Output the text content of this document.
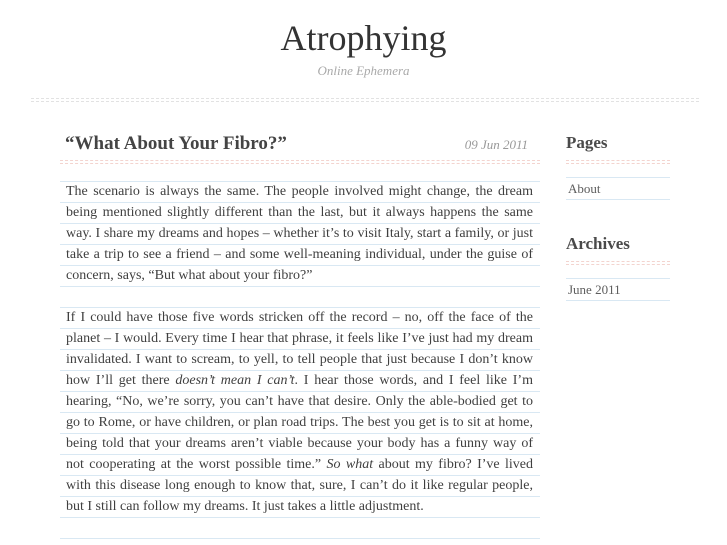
Atrophying

Online Ephemera

“What About Your Fibro?”	09 Jun 2011

The scenario is always the same. The people involved might change, the dream being mentioned slightly different than the last, but it always happens the same way. I share my dreams and hopes – whether it’s to visit Italy, start a family, or just take a trip to see a friend – and some well-meaning individual, under the guise of concern, says, “But what about your fibro?”

If I could have those five words stricken off the record – no, off the face of the planet – I would. Every time I hear that phrase, it feels like I’ve just had my dream invalidated. I want to scream, to yell, to tell people that just because I don’t know how I’ll get there doesn’t mean I can’t. I hear those words, and I feel like I’m hearing, “No, we’re sorry, you can’t have that desire. Only the able-bodied get to go to Rome, or have children, or plan road trips. The best you get is to sit at home, being told that your dreams aren’t viable because your body has a funny way of not cooperating at the worst possible time.” So what about my fibro? I’ve lived with this disease long enough to know that, sure, I can’t do it like regular people, but I still can follow my dreams. It just takes a little adjustment.

Pages
About
Archives
June 2011
